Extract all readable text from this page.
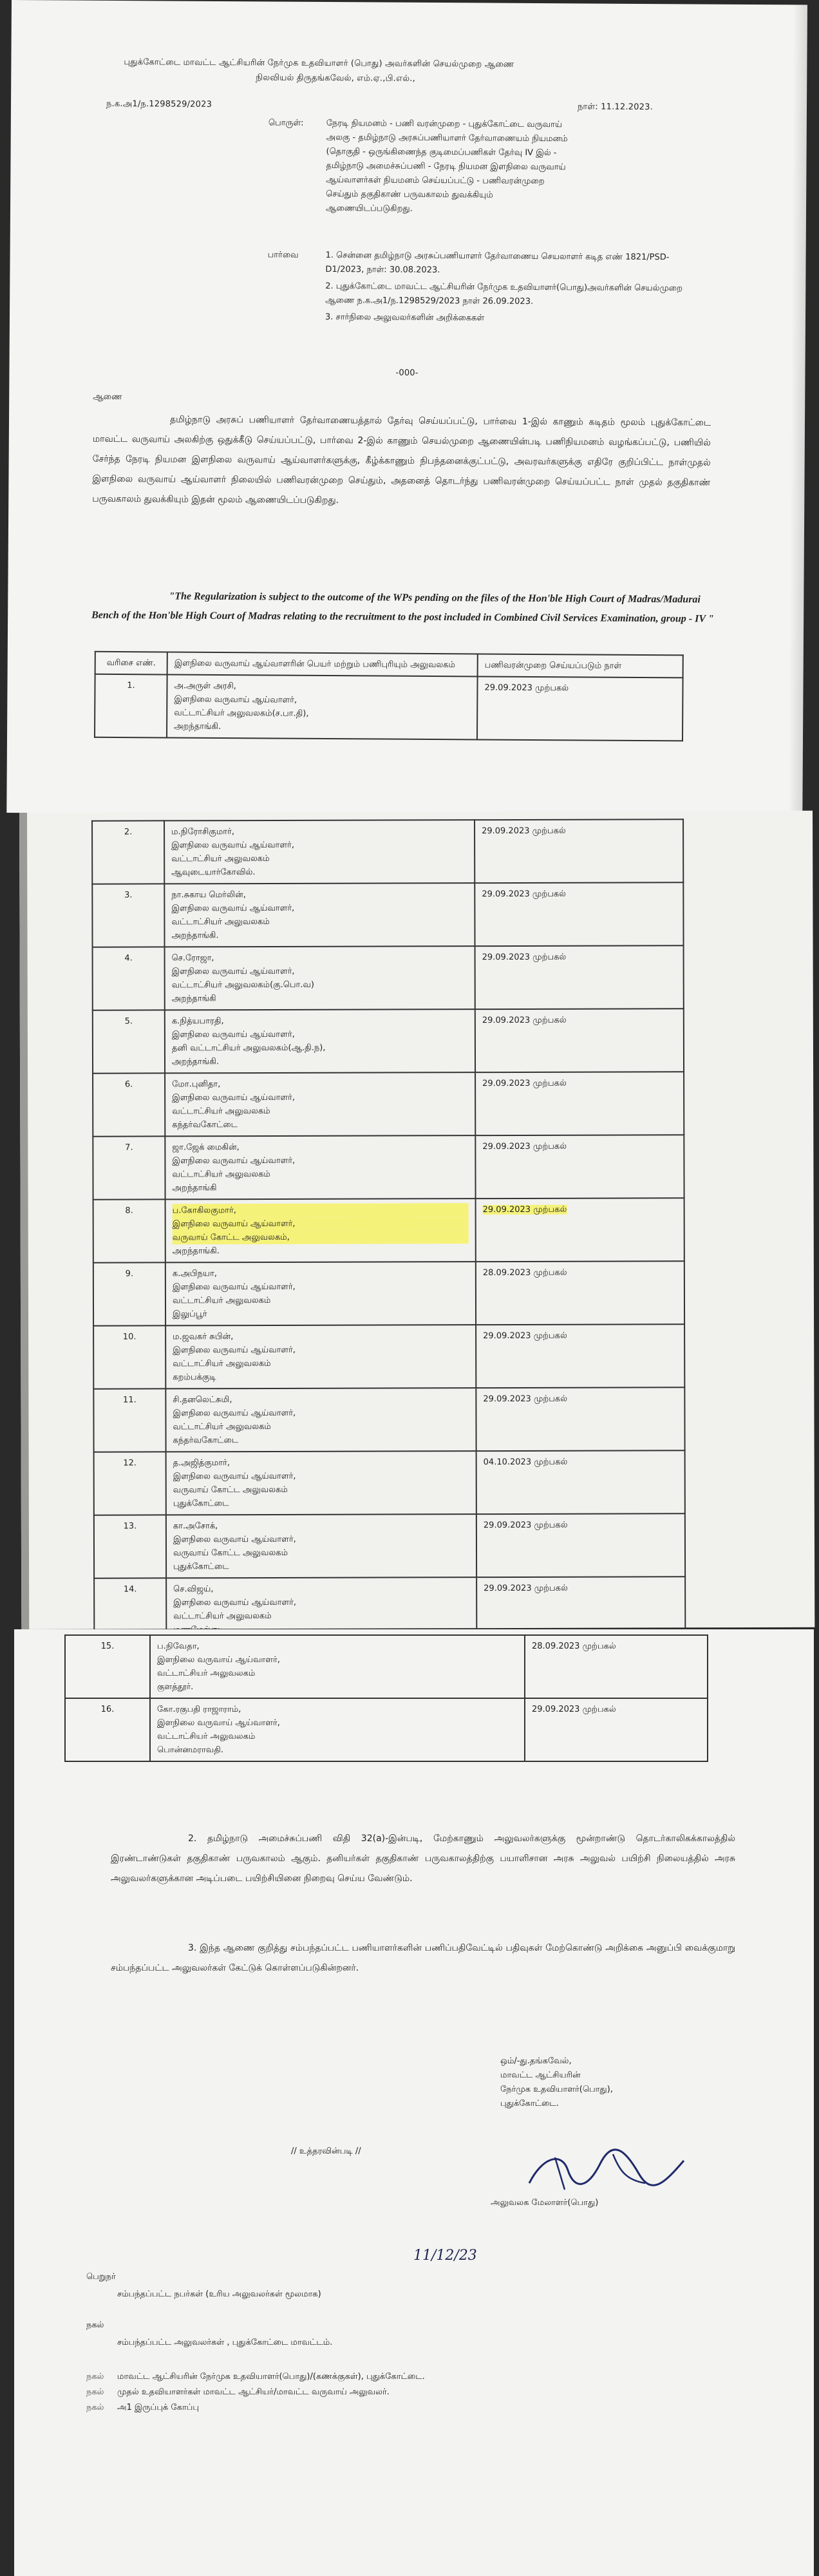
புதுக்கோட்டை மாவட்ட ஆட்சியரின் நேர்முக உதவியாளர் (பொது) அவர்களின் செயல்முறை ஆணை
நிலவியல் திருதங்கவேல், எம்.ஏ.,பி.எல்.,
ந.க.அ1/ந.1298529/2023	நாள்: 11.12.2023.
பொருள்:	நேரடி நியமனம் - பணி வரன்முறை - புதுக்கோட்டை வருவாய்
அலகு - தமிழ்நாடு அரசுப்பணியாளர் தேர்வாணையம் நியமனம்
(தொகுதி - ஒருங்கிணைந்த குடிமைப்பணிகள் தேர்வு IV இல் -
தமிழ்நாடு அமைச்சுப்பணி - நேரடி நியமன இளநிலை வருவாய்
ஆய்வாளர்கள் நியமனம் செய்யப்பட்டு - பணிவரன்முறை
செய்தும் தகுதிகாண் பருவகாலம் துவக்கியும்
ஆணையிடப்படுகிறது.
பார்வை	1. சென்னை தமிழ்நாடு அரசுப்பணியாளர் தேர்வாணைய செயலாளர் கடித எண் 1821/PSD-D1/2023, நாள்: 30.08.2023.
2. புதுக்கோட்டை மாவட்ட ஆட்சியரின் நேர்முக உதவியாளர்(பொது)அவர்களின் செயல்முறை ஆணை ந.க.அ1/ந.1298529/2023 நாள் 26.09.2023.
3. சார்நிலை அலுவலர்களின் அறிக்கைகள்
-000-
ஆணை
தமிழ்நாடு அரசுப் பணியாளர் தேர்வாணையத்தால் தேர்வு செய்யப்பட்டு, பார்வை 1-இல் காணும் கடிதம் மூலம் புதுக்கோட்டை மாவட்ட வருவாய் அலகிற்கு ஒதுக்கீடு செய்யப்பட்டு, பார்வை 2-இல் காணும் செயல்முறை ஆணையின்படி பணிநியமனம் வழங்கப்பட்டு, பணியில் சேர்ந்த நேரடி நியமன இளநிலை வருவாய் ஆய்வாளர்களுக்கு, கீழ்க்காணும் நிபந்தனைக்குட்பட்டு, அவரவர்களுக்கு எதிரே குறிப்பிட்ட நாள்முதல் இளநிலை வருவாய் ஆய்வாளர் நிலையில் பணிவரன்முறை செய்தும், அதனைத் தொடர்ந்து பணிவரன்முறை செய்யப்பட்ட நாள் முதல் தகுதிகாண் பருவகாலம் துவக்கியும் இதன் மூலம் ஆணையிடப்படுகிறது.
"The Regularization is subject to the outcome of the WPs pending on the files of the Hon'ble High Court of Madras/Madurai Bench of the Hon'ble High Court of Madras relating to the recruitment to the post included in Combined Civil Services Examination, group - IV "
வரிசை எண்.	இளநிலை வருவாய் ஆய்வாளரின் பெயர் மற்றும் பணிபுரியும் அலுவலகம்	பணிவரன்முறை செய்யப்படும் நாள்
1.	அ.அருள் அரசி,
இளநிலை வருவாய் ஆய்வாளர்,
வட்டாட்சியர் அலுவலகம்(ச.பா.தி),
அறந்தாங்கி.	29.09.2023 முற்பகல்
2.	ம.நிரோசிகுமார்,
இளநிலை வருவாய் ஆய்வாளர்,
வட்டாட்சியர் அலுவலகம்
ஆவுடையார்கோவில்.	29.09.2023 முற்பகல்
3.	நா.சுகாய மெர்லின்,
இளநிலை வருவாய் ஆய்வாளர்,
வட்டாட்சியர் அலுவலகம்
அறந்தாங்கி.	29.09.2023 முற்பகல்
4.	செ.ரோஜா,
இளநிலை வருவாய் ஆய்வாளர்,
வட்டாட்சியர் அலுவலகம்(கு.பொ.வ)
அறந்தாங்கி	29.09.2023 முற்பகல்
5.	க.நித்யபாரதி,
இளநிலை வருவாய் ஆய்வாளர்,
தனி வட்டாட்சியர் அலுவலகம்(ஆ.தி.ந),
அறந்தாங்கி.	29.09.2023 முற்பகல்
6.	மோ.புனிதா,
இளநிலை வருவாய் ஆய்வாளர்,
வட்டாட்சியர் அலுவலகம்
கந்தர்வகோட்டை	29.09.2023 முற்பகல்
7.	ஜா.ஜேக் மைகின்,
இளநிலை வருவாய் ஆய்வாளர்,
வட்டாட்சியர் அலுவலகம்
அறந்தாங்கி	29.09.2023 முற்பகல்
8.	ப.கோகிலகுமார்,
இளநிலை வருவாய் ஆய்வாளர்,
வருவாய் கோட்ட அலுவலகம்,
அறந்தாங்கி.	29.09.2023 முற்பகல்
9.	க.அபிநயா,
இளநிலை வருவாய் ஆய்வாளர்,
வட்டாட்சியர் அலுவலகம்
இலுப்பூர்	28.09.2023 முற்பகல்
10.	ம.ஜவகர் சுபின்,
இளநிலை வருவாய் ஆய்வாளர்,
வட்டாட்சியர் அலுவலகம்
கறம்பக்குடி	29.09.2023 முற்பகல்
11.	சி.தனலெட்சுமி,
இளநிலை வருவாய் ஆய்வாளர்,
வட்டாட்சியர் அலுவலகம்
கந்தர்வகோட்டை	29.09.2023 முற்பகல்
12.	த.அஜித்குமார்,
இளநிலை வருவாய் ஆய்வாளர்,
வருவாய் கோட்ட அலுவலகம்
புதுக்கோட்டை	04.10.2023 முற்பகல்
13.	கா.அசோக்,
இளநிலை வருவாய் ஆய்வாளர்,
வருவாய் கோட்ட அலுவலகம்
புதுக்கோட்டை	29.09.2023 முற்பகல்
14.	செ.விஜய்,
இளநிலை வருவாய் ஆய்வாளர்,
வட்டாட்சியர் அலுவலகம்	29.09.2023 முற்பகல்
15.	ப.நிவேதா,
இளநிலை வருவாய் ஆய்வாளர்,
வட்டாட்சியர் அலுவலகம்
குளத்தூர்.	28.09.2023 முற்பகல்
16.	கோ.ரகுபதி ராஜாராம்,
இளநிலை வருவாய் ஆய்வாளர்,
வட்டாட்சியர் அலுவலகம்
பொன்னமராவதி.	29.09.2023 முற்பகல்
2. தமிழ்நாடு அமைச்சுப்பணி விதி 32(a)-இன்படி, மேற்காணும் அலுவலர்களுக்கு மூன்றாண்டு தொடர்காலிகக்காலத்தில் இரண்டாண்டுகள் தகுதிகாண் பருவகாலம் ஆகும். தனியர்கள் தகுதிகாண் பருவகாலத்திற்கு பயாளிசான அரசு அலுவல் பயிற்சி நிலையத்தில் அரசு அலுவலர்களுக்கான அடிப்படை பயிற்சியினை நிறைவு செய்ய வேண்டும்.
3. இந்த ஆணை குறித்து சம்பந்தப்பட்ட பணியாளர்களின் பணிப்பதிவேட்டில் பதிவுகள் மேற்கொண்டு அறிக்கை அனுப்பி வைக்குமாறு சம்பந்தப்பட்ட அலுவலர்கள் கேட்டுக் கொள்ளப்படுகின்றனர்.
ஒம்/-து.தங்கவேல்,
மாவட்ட ஆட்சியரின்
நேர்முக உதவியாளர்(பொது),
புதுக்கோட்டை.
// உத்தரவின்படி //
அலுவலக மேலாளர்(பொது)
11/12/23
பெறுநர்
சம்பந்தப்பட்ட நபர்கள் (உரிய அலுவலர்கள் மூலமாக)
நகல்
சம்பந்தப்பட்ட அலுவலர்கள் , புதுக்கோட்டை மாவட்டம்.
நகல் மாவட்ட ஆட்சியரின் நேர்முக உதவியாளர்(பொது)/(கணக்குகள்), புதுக்கோட்டை.
நகல் முதல் உதவியாளர்கள் மாவட்ட ஆட்சியர்/மாவட்ட வருவாய் அலுவலர்.
நகல் அ1 இருப்புக் கோப்பு
